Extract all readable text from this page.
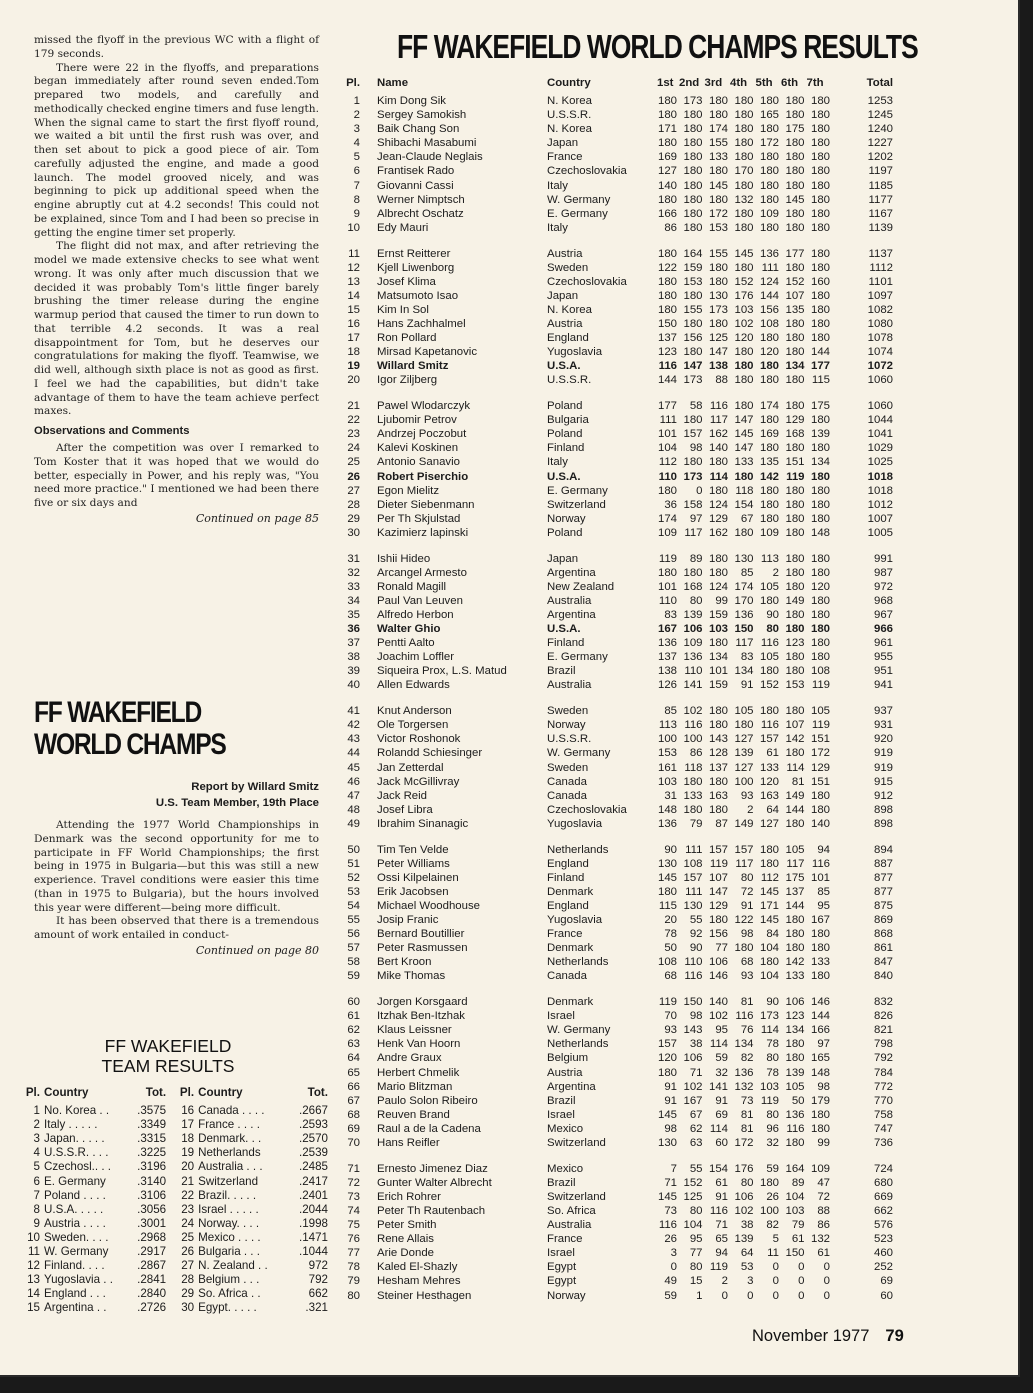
missed the flyoff in the previous WC with a flight of 179 seconds.

There were 22 in the flyoffs, and preparations began immediately after round seven ended.Tom prepared two models, and carefully and methodically checked engine timers and fuse length. When the signal came to start the first flyoff round, we waited a bit until the first rush was over, and then set about to pick a good piece of air. Tom carefully adjusted the engine, and made a good launch. The model grooved nicely, and was beginning to pick up additional speed when the engine abruptly cut at 4.2 seconds! This could not be explained, since Tom and I had been so precise in getting the engine timer set properly.

The flight did not max, and after retrieving the model we made extensive checks to see what went wrong. It was only after much discussion that we decided it was probably Tom's little finger barely brushing the timer release during the engine warmup period that caused the timer to run down to that terrible 4.2 seconds. It was a real disappointment for Tom, but he deserves our congratulations for making the flyoff. Teamwise, we did well, although sixth place is not as good as first. I feel we had the capabilities, but didn't take advantage of them to have the team achieve perfect maxes.

Observations and Comments

After the competition was over I remarked to Tom Koster that it was hoped that we would do better, especially in Power, and his reply was, "You need more practice." I mentioned we had been there five or six days and

Continued on page 85
FF WAKEFIELD
WORLD CHAMPS
Report by Willard Smitz
U.S. Team Member, 19th Place

Attending the 1977 World Championships in Denmark was the second opportunity for me to participate in FF World Championships; the first being in 1975 in Bulgaria—but this was still a new experience. Travel conditions were easier this time (than in 1975 to Bulgaria), but the hours involved this year were different—being more difficult.

It has been observed that there is a tremendous amount of work entailed in conduct-

Continued on page 80
FF WAKEFIELD
TEAM RESULTS
Pl. Country	Tot.
1 No. Korea . .	.3575
2 Italy . . . . .	.3349
3 Japan. . . . .	.3315
4 U.S.S.R. . . .	.3225
5 Czechosl.. . .	.3196
6 E. Germany	.3140
7 Poland . . . .	.3106
8 U.S.A. . . . .	.3056
9 Austria . . . .	.3001
10 Sweden. . . .	.2968
11 W. Germany	.2917
12 Finland. . . .	.2867
13 Yugoslavia . .	.2841
14 England . . .	.2840
15 Argentina . .	.2726
Pl. Country	Tot.
16 Canada . . . .	.2667
17 France . . . .	.2593
18 Denmark. . .	.2570
19 Netherlands	.2539
20 Australia . . .	.2485
21 Switzerland	.2417
22 Brazil. . . . .	.2401
23 Israel . . . . .	.2044
24 Norway. . . .	.1998
25 Mexico . . . .	.1471
26 Bulgaria . . .	.1044
27 N. Zealand . .	972
28 Belgium . . .	792
29 So. Africa . .	662
30 Egypt. . . . .	.321
FF WAKEFIELD WORLD CHAMPS RESULTS
Pl.	Name	Country	1st 2nd 3rd 4th 5th 6th 7th	Total
1	Kim Dong Sik	N. Korea	180 173 180 180 180 180 180	1253
2	Sergey Samokish	U.S.S.R.	180 180 180 180 165 180 180	1245
3	Baik Chang Son	N. Korea	171 180 174 180 180 175 180	1240
4	Shibachi Masabumi	Japan	180 180 155 180 172 180 180	1227
5	Jean-Claude Neglais	France	169 180 133 180 180 180 180	1202
6	Frantisek Rado	Czechoslovakia	127 180 180 170 180 180 180	1197
7	Giovanni Cassi	Italy	140 180 145 180 180 180 180	1185
8	Werner Nimptsch	W. Germany	180 180 180 132 180 145 180	1177
9	Albrecht Oschatz	E. Germany	166 180 172 180 109 180 180	1167
10	Edy Mauri	Italy	86 180 153 180 180 180 180	1139
11	Ernst Reitterer	Austria	180 164 155 145 136 177 180	1137
12	Kjell Liwenborg	Sweden	122 159 180 180 111 180 180	1112
13	Josef Klima	Czechoslovakia	180 153 180 152 124 152 160	1101
14	Matsumoto Isao	Japan	180 180 130 176 144 107 180	1097
15	Kim In Sol	N. Korea	180 155 173 103 156 135 180	1082
16	Hans Zachhalmel	Austria	150 180 180 102 108 180 180	1080
17	Ron Pollard	England	137 156 125 120 180 180 180	1078
18	Mirsad Kapetanovic	Yugoslavia	123 180 147 180 120 180 144	1074
19	Willard Smitz	U.S.A.	116 147 138 180 180 134 177	1072
20	Igor Ziljberg	U.S.S.R.	144 173	88 180 180 180 115	1060
21	Pawel Wlodarczyk	Poland	177	58 116 180 174 180 175	1060
22	Ljubomir Petrov	Bulgaria	111 180 117 147 180 129 180	1044
23	Andrzej Poczobut	Poland	101 157 162 145 169 168 139	1041
24	Kalevi Koskinen	Finland	104	98 140 147 180 180 180	1029
25	Antonio Sanavio	Italy	112 180 180 133 135 151 134	1025
26	Robert Piserchio	U.S.A.	110 173 114 180 142 119 180	1018
27	Egon Mielitz	E. Germany	180	0 180 118 180 180 180	1018
28	Dieter Siebenmann	Switzerland	36 158 124 154 180 180 180	1012
29	Per Th Skjulstad	Norway	174	97 129	67 180 180 180	1007
30	Kazimierz lapinski	Poland	109 117 162 180 109 180 148	1005
31	Ishii Hideo	Japan	119	89 180 130 113 180 180	991
32	Arcangel Armesto	Argentina	180 180 180	85	2 180 180	987
33	Ronald Magill	New Zealand	101 168 124 174 105 180 120	972
34	Paul Van Leuven	Australia	110	80	99 170 180 149 180	968
35	Alfredo Herbon	Argentina	83 139 159 136	90 180 180	967
36	Walter Ghio	U.S.A.	167 106 103 150	80 180 180	966
37	Pentti Aalto	Finland	136 109 180 117 116 123 180	961
38	Joachim Loffler	E. Germany	137 136 134	83 105 180 180	955
39	Siqueira Prox, L.S. Matud	Brazil	138 110 101 134 180 180 108	951
40	Allen Edwards	Australia	126 141 159	91 152 153 119	941
41	Knut Anderson	Sweden	85 102 180 105 180 180 105	937
42	Ole Torgersen	Norway	113 116 180 180 116 107 119	931
43	Victor Roshonok	U.S.S.R.	100 100 143 127 157 142 151	920
44	Rolandd Schiesinger	W. Germany	153	86 128 139	61 180 172	919
45	Jan Zetterdal	Sweden	161 118 137 127 133 114 129	919
46	Jack McGillivray	Canada	103 180 180 100 120	81 151	915
47	Jack Reid	Canada	31 133 163	93 163 149 180	912
48	Josef Libra	Czechoslovakia	148 180 180	2	64 144 180	898
49	Ibrahim Sinanagic	Yugoslavia	136	79	87 149 127 180 140	898
50	Tim Ten Velde	Netherlands	90 111 157 157 180 105	94	894
51	Peter Williams	England	130 108 119 117 180 117 116	887
52	Ossi Kilpelainen	Finland	145 157 107	80 112 175 101	877
53	Erik Jacobsen	Denmark	180 111 147	72 145 137	85	877
54	Michael Woodhouse	England	115 130 129	91 171 144	95	875
55	Josip Franic	Yugoslavia	20	55 180 122 145 180 167	869
56	Bernard Boutillier	France	78	92 156	98	84 180 180	868
57	Peter Rasmussen	Denmark	50	90	77 180 104 180 180	861
58	Bert Kroon	Netherlands	108 110 106	68 180 142 133	847
59	Mike Thomas	Canada	68 116 146	93 104 133 180	840
60	Jorgen Korsgaard	Denmark	119 150 140	81	90 106 146	832
61	Itzhak Ben-Itzhak	Israel	70	98 102 116 173 123 144	826
62	Klaus Leissner	W. Germany	93 143	95	76 114 134 166	821
63	Henk Van Hoorn	Netherlands	157	38 114 134	78 180	97	798
64	Andre Graux	Belgium	120 106	59	82	80 180 165	792
65	Herbert Chmelik	Austria	180	71	32 136	78 139 148	784
66	Mario Blitzman	Argentina	91 102 141 132 103 105	98	772
67	Paulo Solon Ribeiro	Brazil	91 167	91	73 119	50 179	770
68	Reuven Brand	Israel	145	67	69	81	80 136 180	758
69	Raul a de la Cadena	Mexico	98	62 114	81	96 116 180	747
70	Hans Reifler	Switzerland	130	63	60 172	32 180	99	736
71	Ernesto Jimenez Diaz	Mexico	7	55 154 176	59 164 109	724
72	Gunter Walter Albrecht	Brazil	71 152	61	80 180	89	47	680
73	Erich Rohrer	Switzerland	145 125	91 106	26 104	72	669
74	Peter Th Rautenbach	So. Africa	73	80 116 102 100 103	88	662
75	Peter Smith	Australia	116 104	71	38	82	79	86	576
76	Rene Allais	France	26	95	65 139	5	61 132	523
77	Arie Donde	Israel	3	77	94	64	11 150	61	460
78	Kaled El-Shazly	Egypt	0	80 119	53	0	0	0	252
79	Hesham Mehres	Egypt	49	15	2	3	0	0	0	69
80	Steiner Hesthagen	Norway	59	1	0	0	0	0	0	60
November 1977 79
